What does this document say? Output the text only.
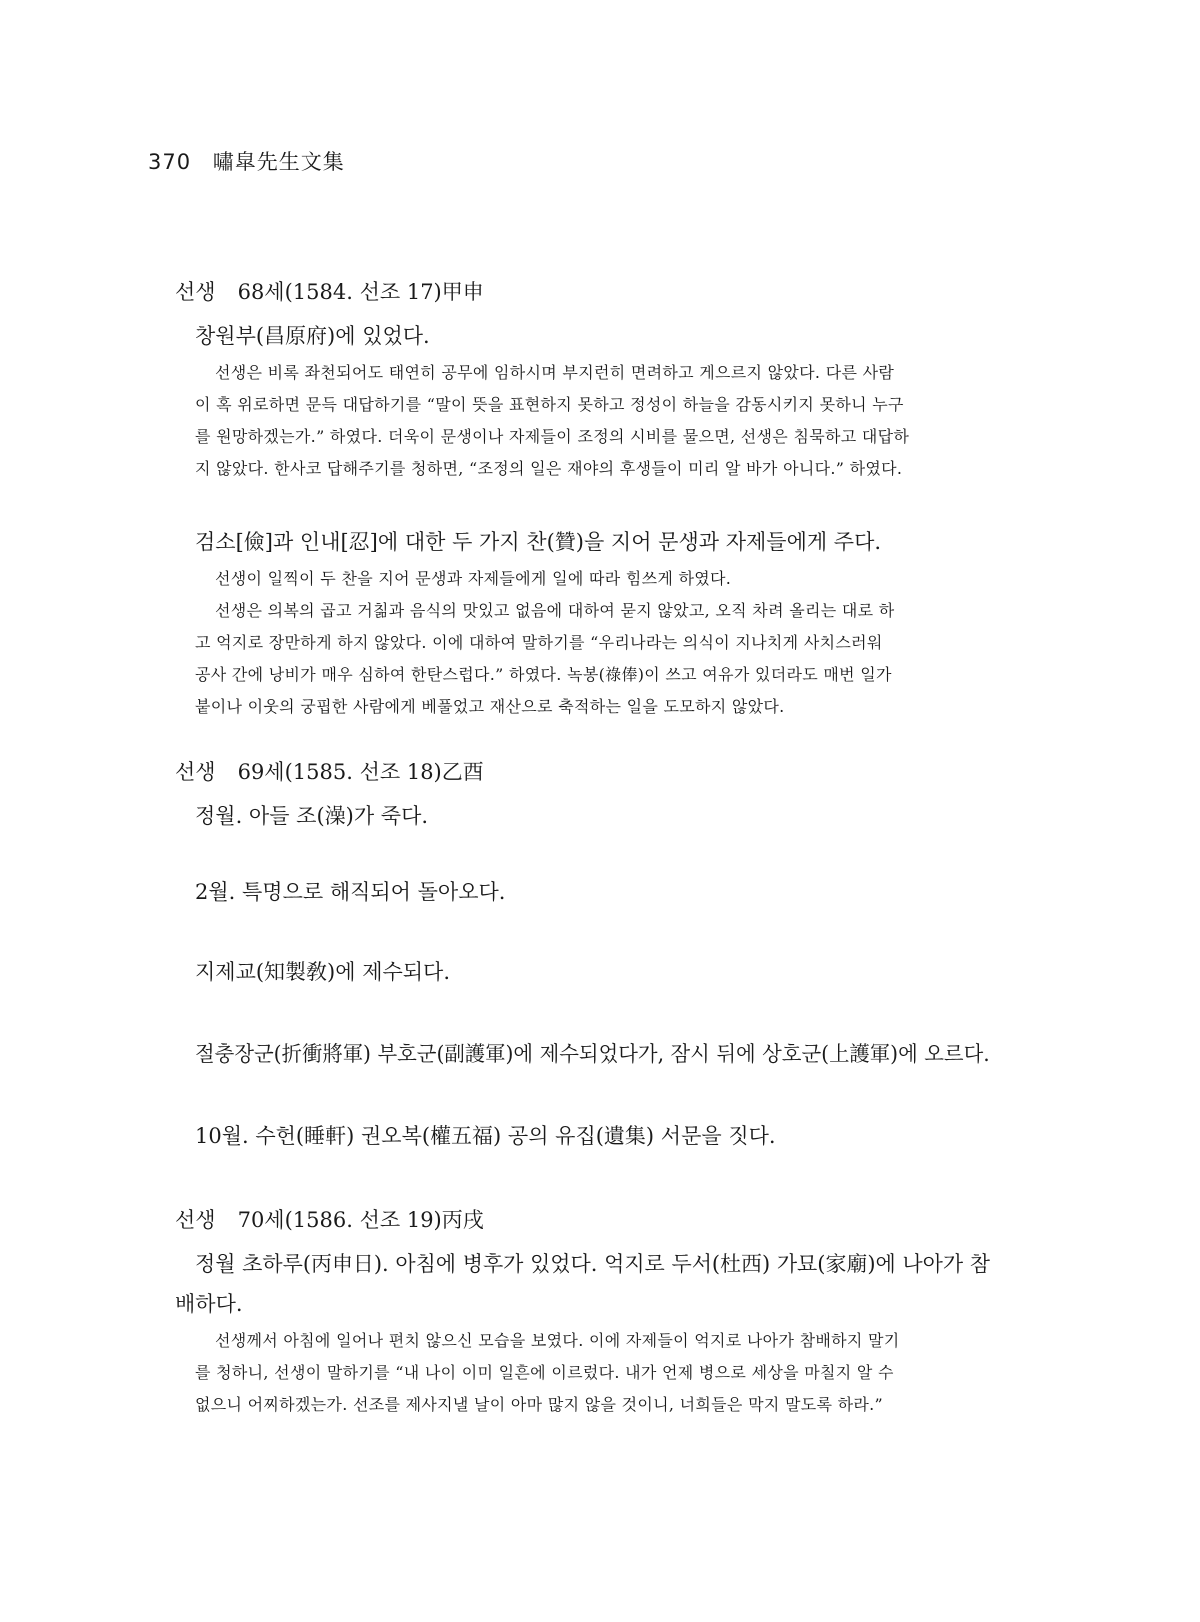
370 嘯皐先生文集
선생 68세(1584. 선조 17)甲申
창원부(昌原府)에 있었다.
선생은 비록 좌천되어도 태연히 공무에 임하시며 부지런히 면려하고 게으르지 않았다. 다른 사람
이 혹 위로하면 문득 대답하기를 “말이 뜻을 표현하지 못하고 정성이 하늘을 감동시키지 못하니 누구
를 원망하겠는가.” 하였다. 더욱이 문생이나 자제들이 조정의 시비를 물으면, 선생은 침묵하고 대답하
지 않았다. 한사코 답해주기를 청하면, “조정의 일은 재야의 후생들이 미리 알 바가 아니다.” 하였다.
검소[儉]과 인내[忍]에 대한 두 가지 찬(贊)을 지어 문생과 자제들에게 주다.
선생이 일찍이 두 찬을 지어 문생과 자제들에게 일에 따라 힘쓰게 하였다.
선생은 의복의 곱고 거칢과 음식의 맛있고 없음에 대하여 묻지 않았고, 오직 차려 올리는 대로 하
고 억지로 장만하게 하지 않았다. 이에 대하여 말하기를 “우리나라는 의식이 지나치게 사치스러워
공사 간에 낭비가 매우 심하여 한탄스럽다.” 하였다. 녹봉(祿俸)이 쓰고 여유가 있더라도 매번 일가
붙이나 이웃의 궁핍한 사람에게 베풀었고 재산으로 축적하는 일을 도모하지 않았다.
선생 69세(1585. 선조 18)乙酉
정월. 아들 조(澡)가 죽다.
2월. 특명으로 해직되어 돌아오다.
지제교(知製敎)에 제수되다.
절충장군(折衝將軍) 부호군(副護軍)에 제수되었다가, 잠시 뒤에 상호군(上護軍)에 오르다.
10월. 수헌(睡軒) 권오복(權五福) 공의 유집(遺集) 서문을 짓다.
선생 70세(1586. 선조 19)丙戌
정월 초하루(丙申日). 아침에 병후가 있었다. 억지로 두서(杜西) 가묘(家廟)에 나아가 참
배하다.
선생께서 아침에 일어나 편치 않으신 모습을 보였다. 이에 자제들이 억지로 나아가 참배하지 말기
를 청하니, 선생이 말하기를 “내 나이 이미 일흔에 이르렀다. 내가 언제 병으로 세상을 마칠지 알 수
없으니 어찌하겠는가. 선조를 제사지낼 날이 아마 많지 않을 것이니, 너희들은 막지 말도록 하라.”
